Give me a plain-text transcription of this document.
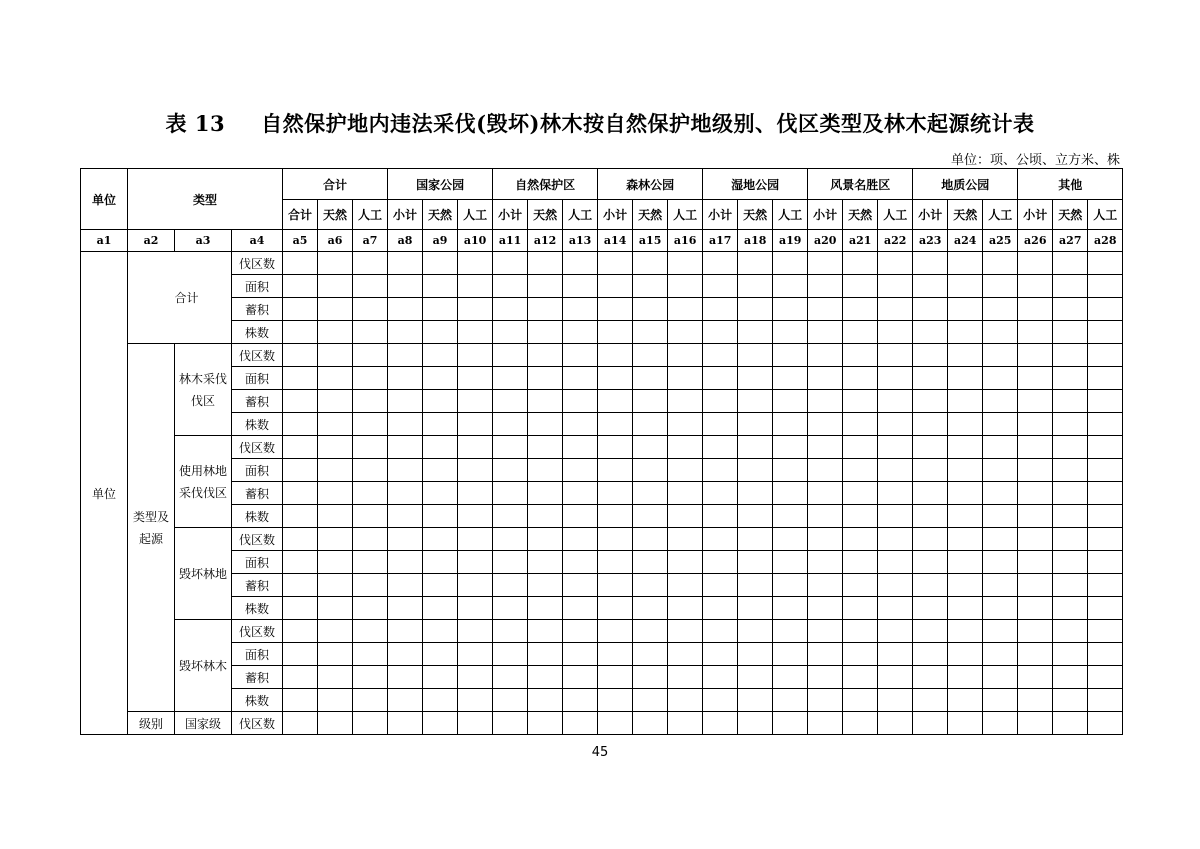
表 13 自然保护地内违法采伐(毁坏)林木按自然保护地级别、伐区类型及林木起源统计表
单位：项、公顷、立方米、株
单位	类型			合计			国家公园			自然保护区			森林公园			湿地公园			风景名胜区			地质公园			其他		
				合计	天然	人工	小计	天然	人工	小计	天然	人工	小计	天然	人工	小计	天然	人工	小计	天然	人工	小计	天然	人工	小计	天然	人工
a1	a2	a3	a4	a5	a6	a7	a8	a9	a10	a11	a12	a13	a14	a15	a16	a17	a18	a19	a20	a21	a22	a23	a24	a25	a26	a27	a28
单位		合计	伐区数																								
			面积																								
			蓄积																								
			株数																								
	类型及起源	林木采伐伐区	伐区数																								
			面积																								
			蓄积																								
			株数																								
		使用林地采伐伐区	伐区数																								
			面积																								
			蓄积																								
			株数																								
		毁坏林地	伐区数																								
			面积																								
			蓄积																								
			株数																								
		毁坏林木	伐区数																								
			面积																								
			蓄积																								
			株数																								
	级别	国家级	伐区数																								
45
